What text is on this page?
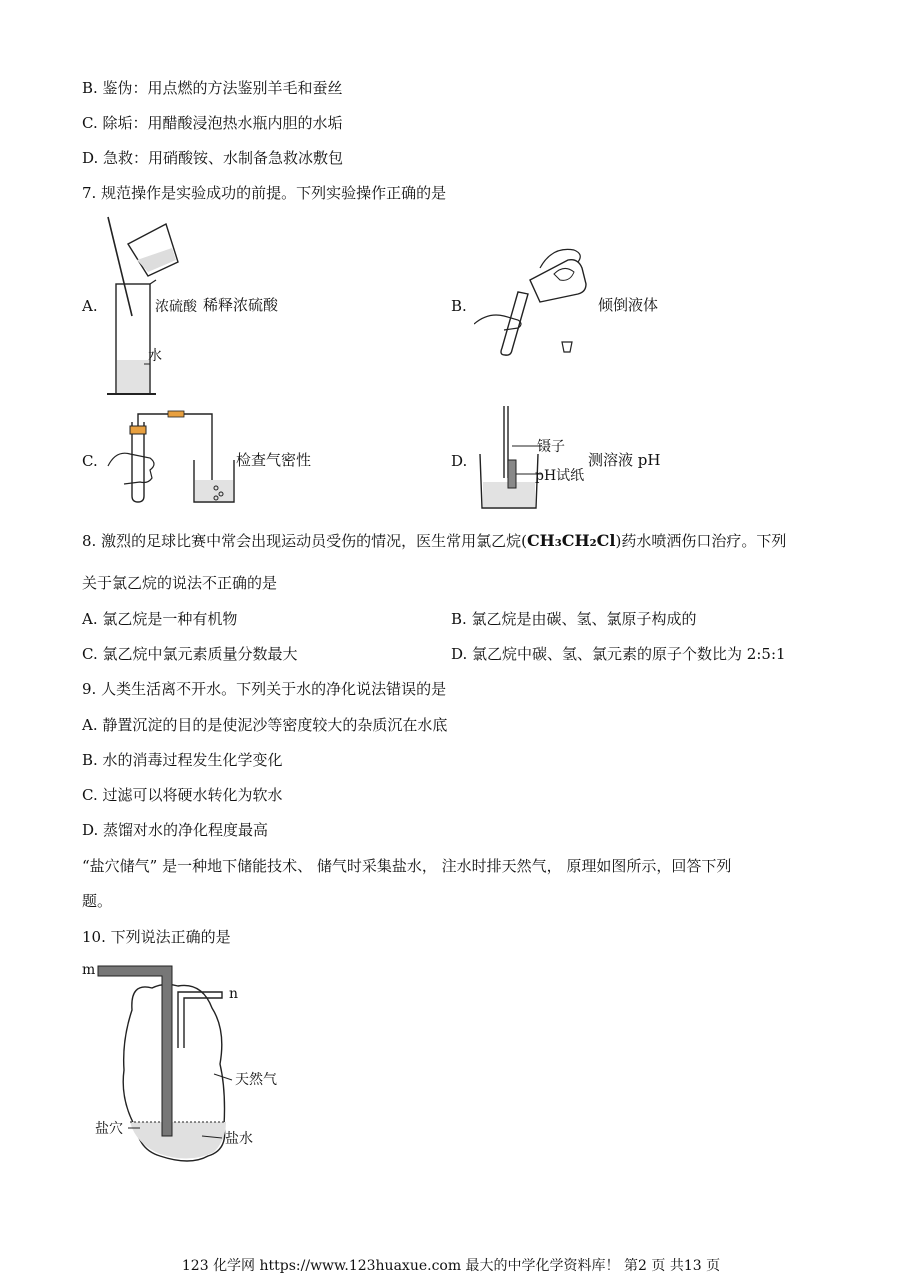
B. 鉴伪：用点燃的方法鉴别羊毛和蚕丝
C. 除垢：用醋酸浸泡热水瓶内胆的水垢
D. 急救：用硝酸铵、水制备急救冰敷包
7. 规范操作是实验成功的前提。下列实验操作正确的是
A.	浓硫酸 稀释浓硫酸
水
B.	倾倒液体
C.	检查气密性	D.
镊子
pH试纸
测溶液 pH
8. 激烈的足球比赛中常会出现运动员受伤的情况，医生常用氯乙烷(CH₃CH₂Cl)药水喷洒伤口治疗。下列
关于氯乙烷的说法不正确的是
A. 氯乙烷是一种有机物	B. 氯乙烷是由碳、氢、氯原子构成的
C. 氯乙烷中氯元素质量分数最大	D. 氯乙烷中碳、氢、氯元素的原子个数比为 2:5:1
9. 人类生活离不开水。下列关于水的净化说法错误的是
A. 静置沉淀的目的是使泥沙等密度较大的杂质沉在水底
B. 水的消毒过程发生化学变化
C. 过滤可以将硬水转化为软水
D. 蒸馏对水的净化程度最高
“盐穴储气” 是一种地下储能技术、 储气时采集盐水， 注水时排天然气， 原理如图所示，回答下列
题。
10. 下列说法正确的是
m
n
天然气
盐穴
盐水
123 化学网 https://www.123huaxue.com 最大的中学化学资料库！ 第2 页 共13 页
